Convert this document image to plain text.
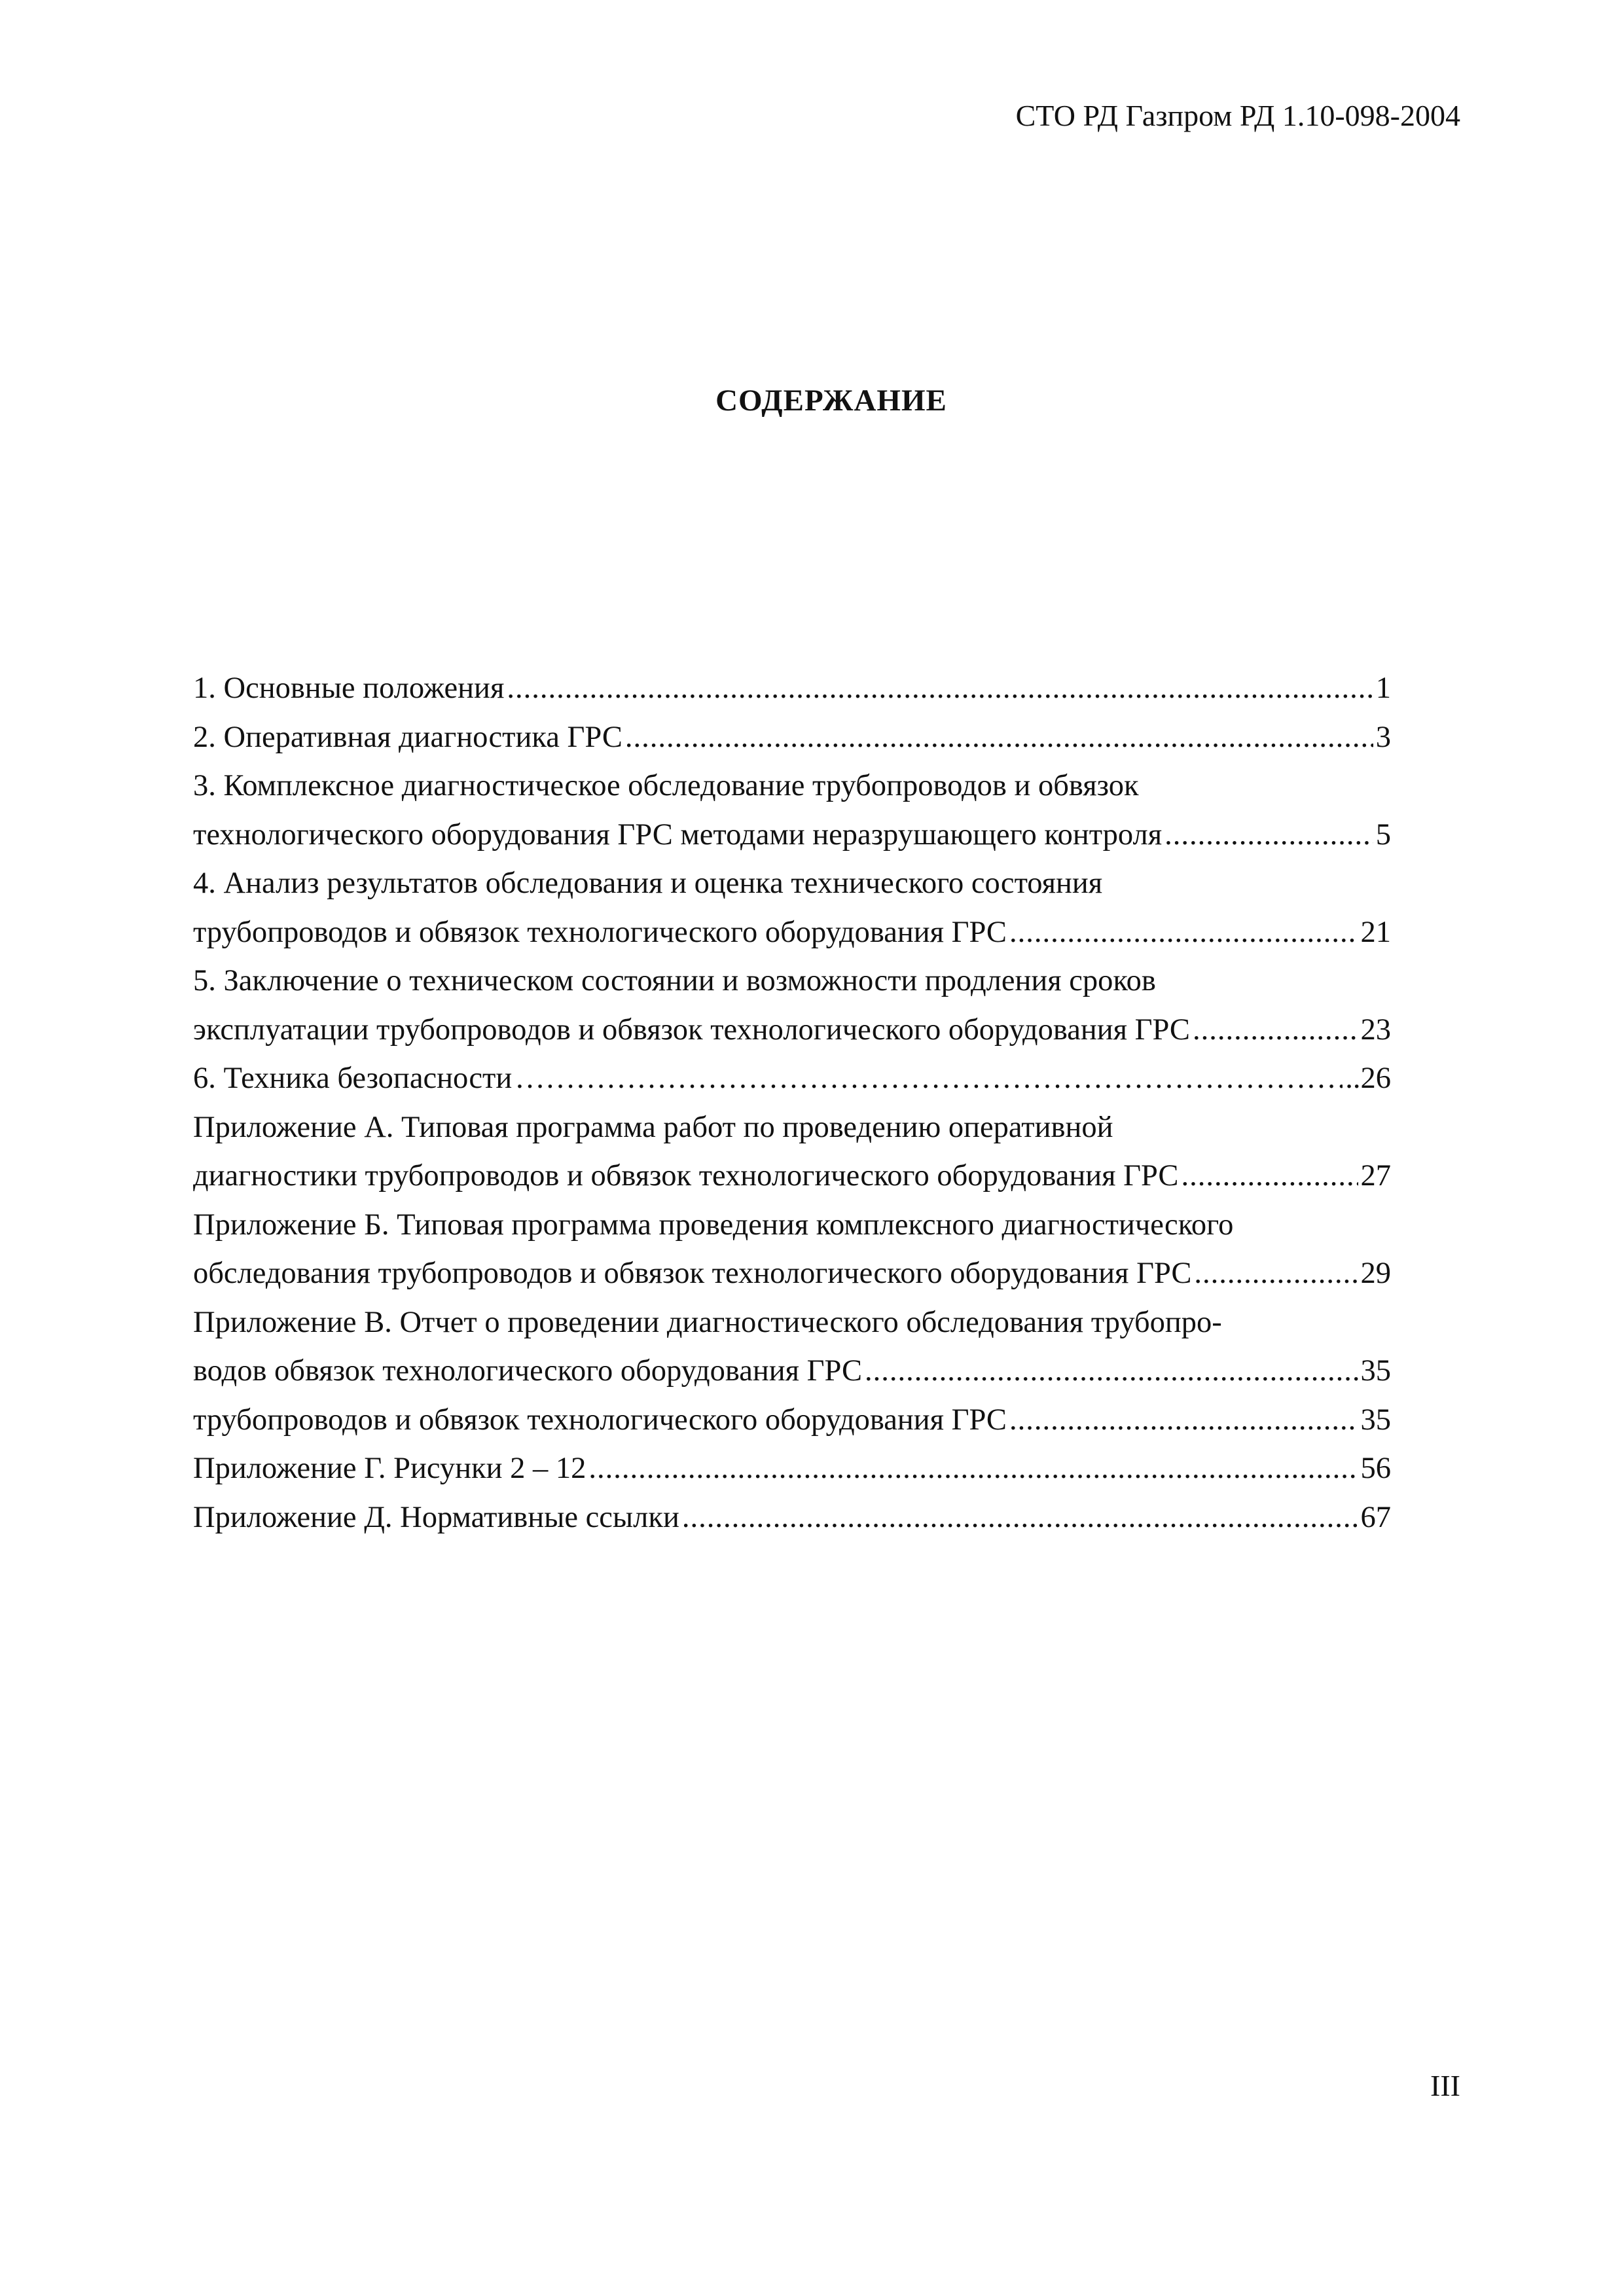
СТО РД Газпром РД 1.10-098-2004
СОДЕРЖАНИЕ
1. Основные положения .....	1
2. Оперативная диагностика ГРС .....	3
3. Комплексное диагностическое обследование трубопроводов и обвязок
технологического оборудования ГРС методами неразрушающего контроля .....	5
4. Анализ результатов обследования и оценка технического состояния
трубопроводов и обвязок технологического оборудования ГРС .....	21
5. Заключение о техническом состоянии и возможности продления сроков
эксплуатации трубопроводов и обвязок технологического оборудования ГРС .....	23
6. Техника безопасности ………………………………………………………………………………………………………………………………………………………………………………………………………………………………	..26
Приложение А. Типовая программа работ по проведению оперативной
диагностики трубопроводов и обвязок технологического оборудования ГРС .....	27
Приложение Б. Типовая программа проведения комплексного диагностического
обследования трубопроводов и обвязок технологического оборудования ГРС .....	29
Приложение В. Отчет о проведении диагностического обследования трубопро-
водов обвязок технологического оборудования ГРС .....	35
трубопроводов и обвязок технологического оборудования ГРС .....	35
Приложение Г. Рисунки 2 – 12 .....	56
Приложение Д. Нормативные ссылки .....	67
III
